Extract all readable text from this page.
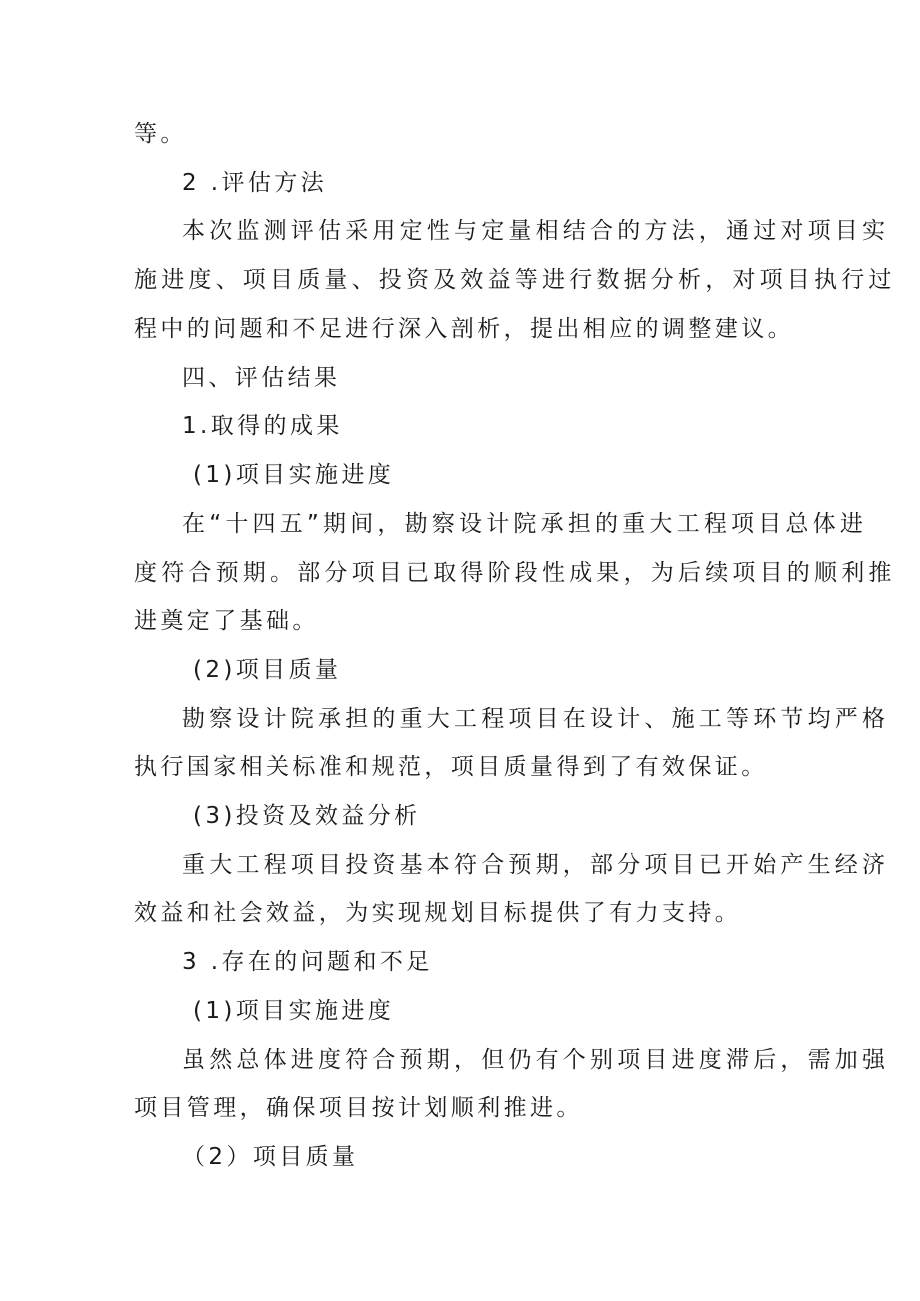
等。
2 .评估方法
本次监测评估采用定性与定量相结合的方法，通过对项目实
施进度、项目质量、投资及效益等进行数据分析，对项目执行过
程中的问题和不足进行深入剖析，提出相应的调整建议。
四、评估结果
1.取得的成果
(1)项目实施进度
在“十四五”期间，勘察设计院承担的重大工程项目总体进
度符合预期。部分项目已取得阶段性成果，为后续项目的顺利推
进奠定了基础。
(2)项目质量
勘察设计院承担的重大工程项目在设计、施工等环节均严格
执行国家相关标准和规范，项目质量得到了有效保证。
(3)投资及效益分析
重大工程项目投资基本符合预期，部分项目已开始产生经济
效益和社会效益，为实现规划目标提供了有力支持。
3 .存在的问题和不足
(1)项目实施进度
虽然总体进度符合预期，但仍有个别项目进度滞后，需加强
项目管理，确保项目按计划顺利推进。
（2）项目质量
